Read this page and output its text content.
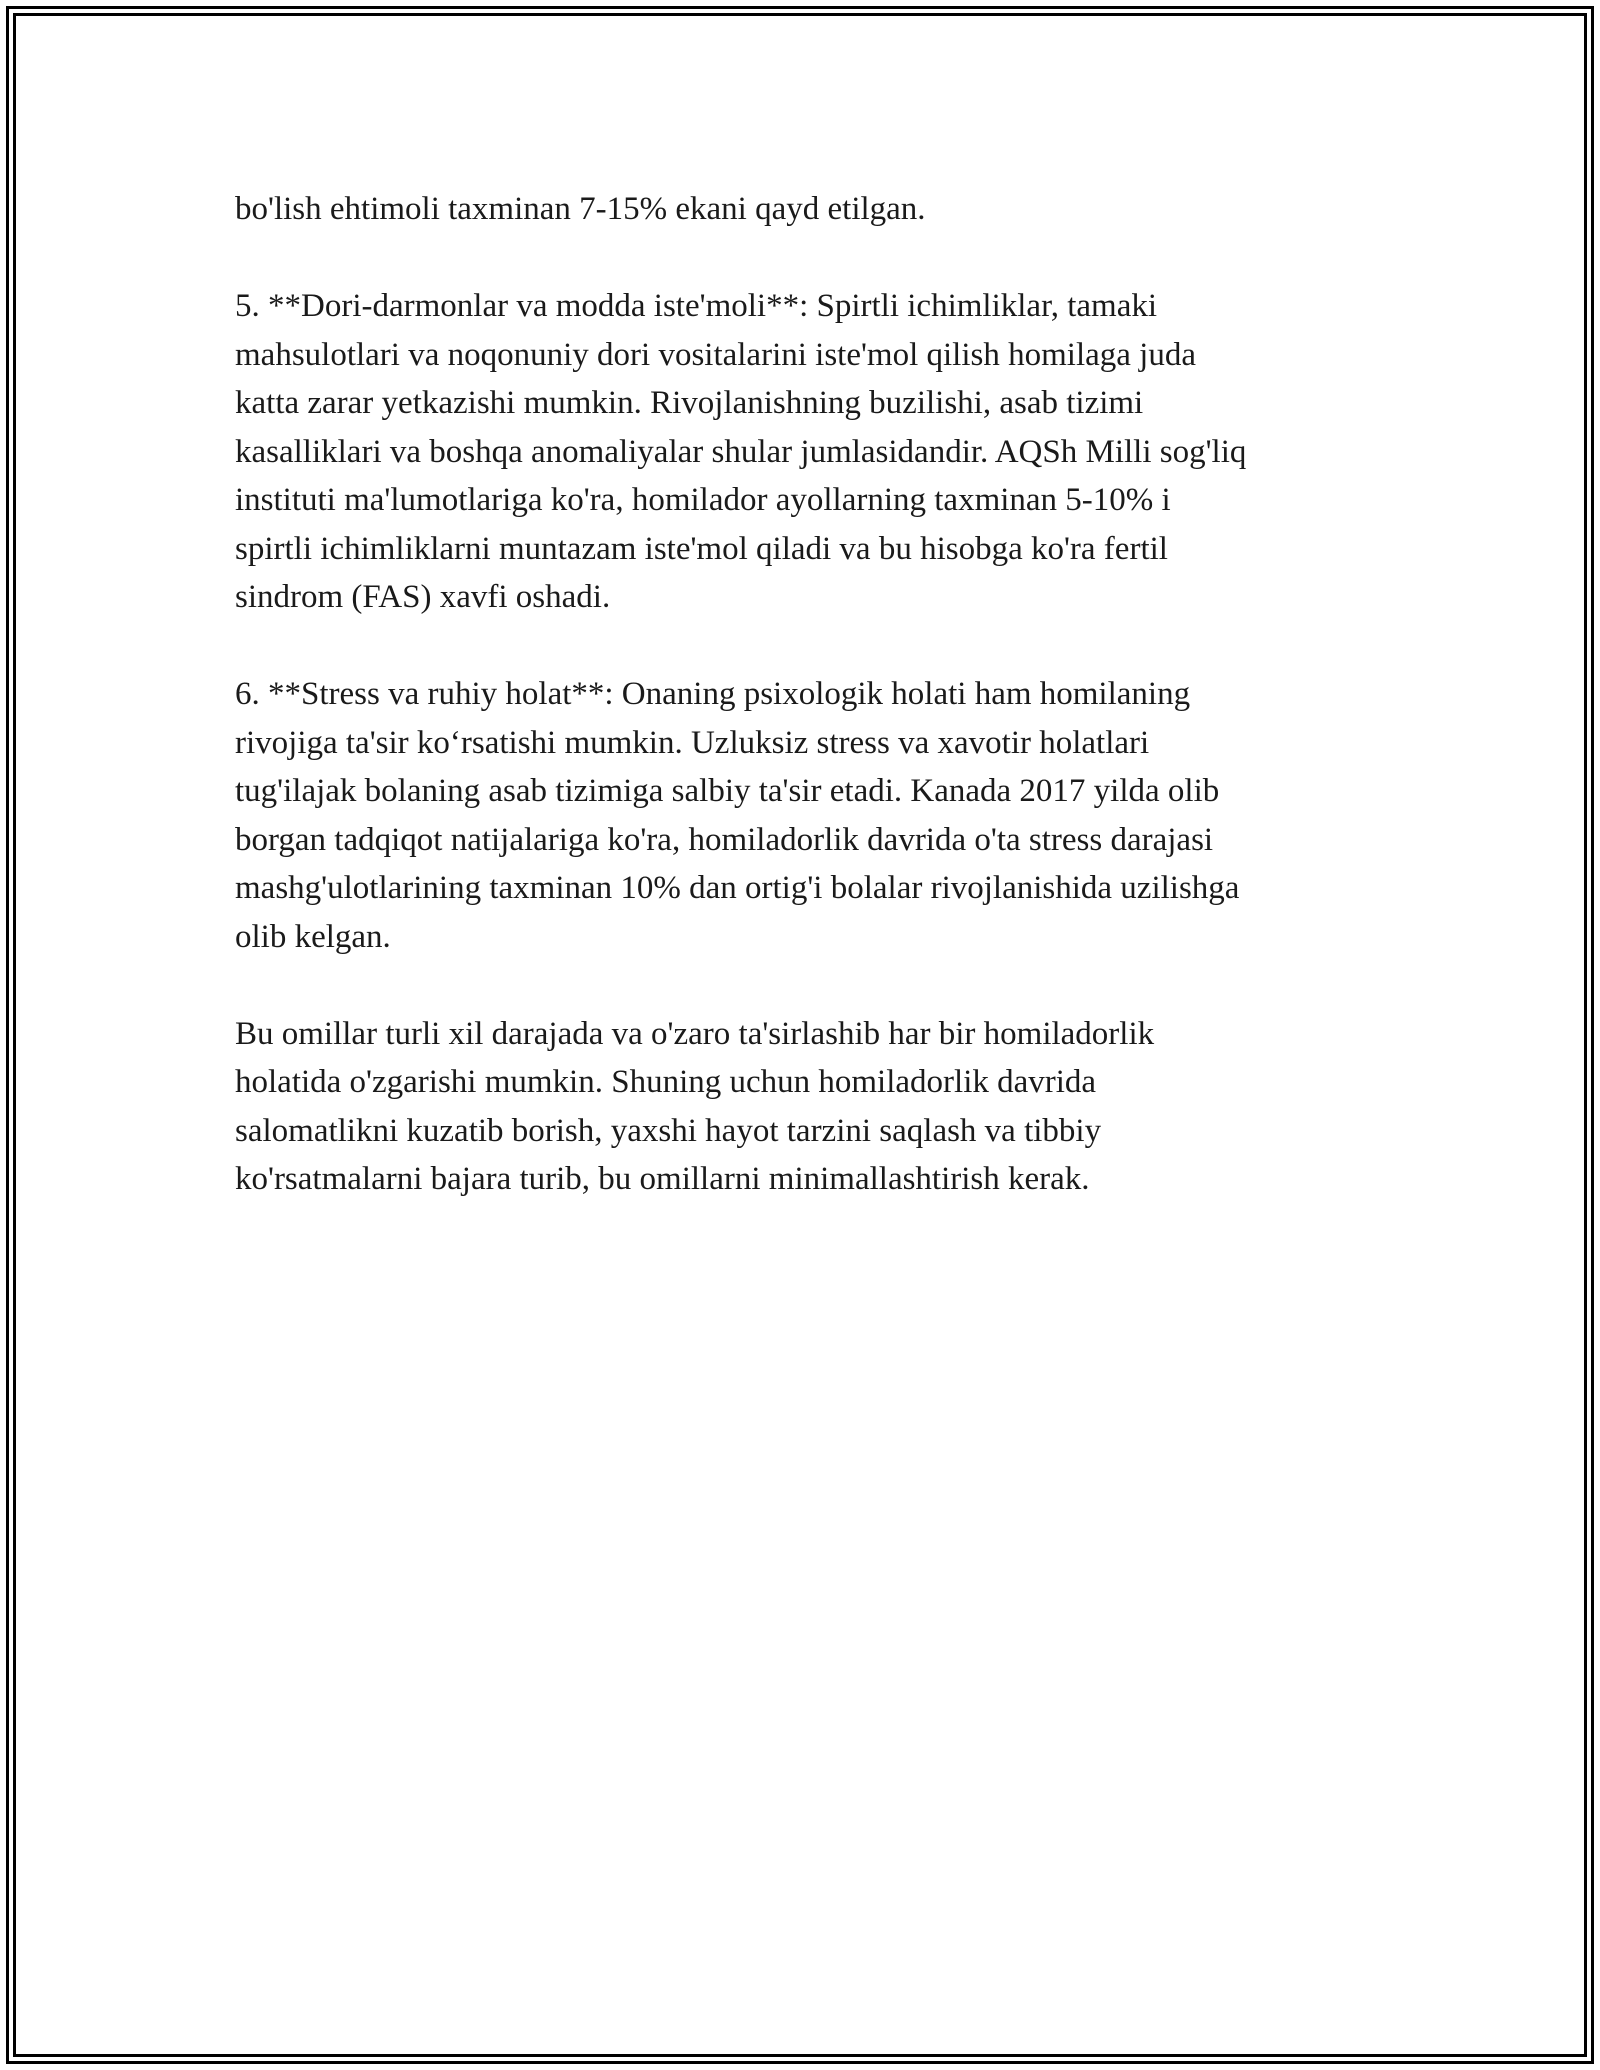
bo'lish ehtimoli taxminan 7-15% ekani qayd etilgan.

5. **Dori-darmonlar va modda iste'moli**: Spirtli ichimliklar, tamaki
mahsulotlari va noqonuniy dori vositalarini iste'mol qilish homilaga juda
katta zarar yetkazishi mumkin. Rivojlanishning buzilishi, asab tizimi
kasalliklari va boshqa anomaliyalar shular jumlasidandir. AQSh Milli sog'liq
instituti ma'lumotlariga ko'ra, homilador ayollarning taxminan 5-10% i
spirtli ichimliklarni muntazam iste'mol qiladi va bu hisobga ko'ra fertil
sindrom (FAS) xavfi oshadi.

6. **Stress va ruhiy holat**: Onaning psixologik holati ham homilaning
rivojiga ta'sir ko‘rsatishi mumkin. Uzluksiz stress va xavotir holatlari
tug'ilajak bolaning asab tizimiga salbiy ta'sir etadi. Kanada 2017 yilda olib
borgan tadqiqot natijalariga ko'ra, homiladorlik davrida o'ta stress darajasi
mashg'ulotlarining taxminan 10% dan ortig'i bolalar rivojlanishida uzilishga
olib kelgan.

Bu omillar turli xil darajada va o'zaro ta'sirlashib har bir homiladorlik
holatida o'zgarishi mumkin. Shuning uchun homiladorlik davrida
salomatlikni kuzatib borish, yaxshi hayot tarzini saqlash va tibbiy
ko'rsatmalarni bajara turib, bu omillarni minimallashtirish kerak.
